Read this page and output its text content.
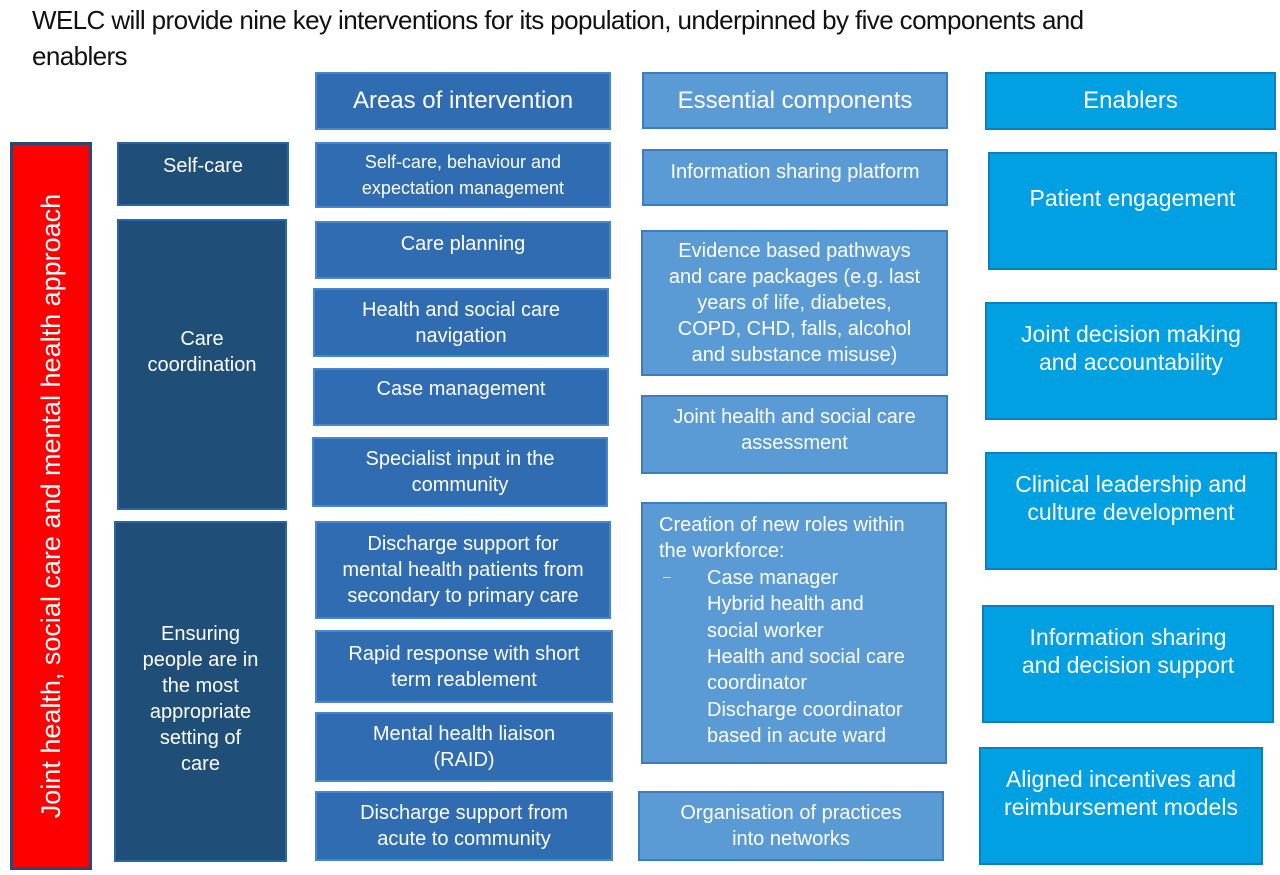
WELC will provide nine key interventions for its population, underpinned by five components and
enablers
Joint health, social care and mental health approach
Areas of intervention	Essential components	Enablers
Self-care
Care
coordination
Ensuring
people are in
the most
appropriate
setting of
care
Self-care, behaviour and
expectation management
Care planning
Health and social care
navigation
Case management
Specialist input in the
community
Discharge support for
mental health patients from
secondary to primary care
Rapid response with short
term reablement
Mental health liaison
(RAID)
Discharge support from
acute to community
Information sharing platform
Evidence based pathways
and care packages (e.g. last
years of life, diabetes,
COPD, CHD, falls, alcohol
and substance misuse)
Joint health and social care
assessment
Creation of new roles within
the workforce:
– Case manager
Hybrid health and
social worker
Health and social care
coordinator
Discharge coordinator
based in acute ward
Organisation of practices
into networks
Patient engagement
Joint decision making
and accountability
Clinical leadership and
culture development
Information sharing
and decision support
Aligned incentives and
reimbursement models
